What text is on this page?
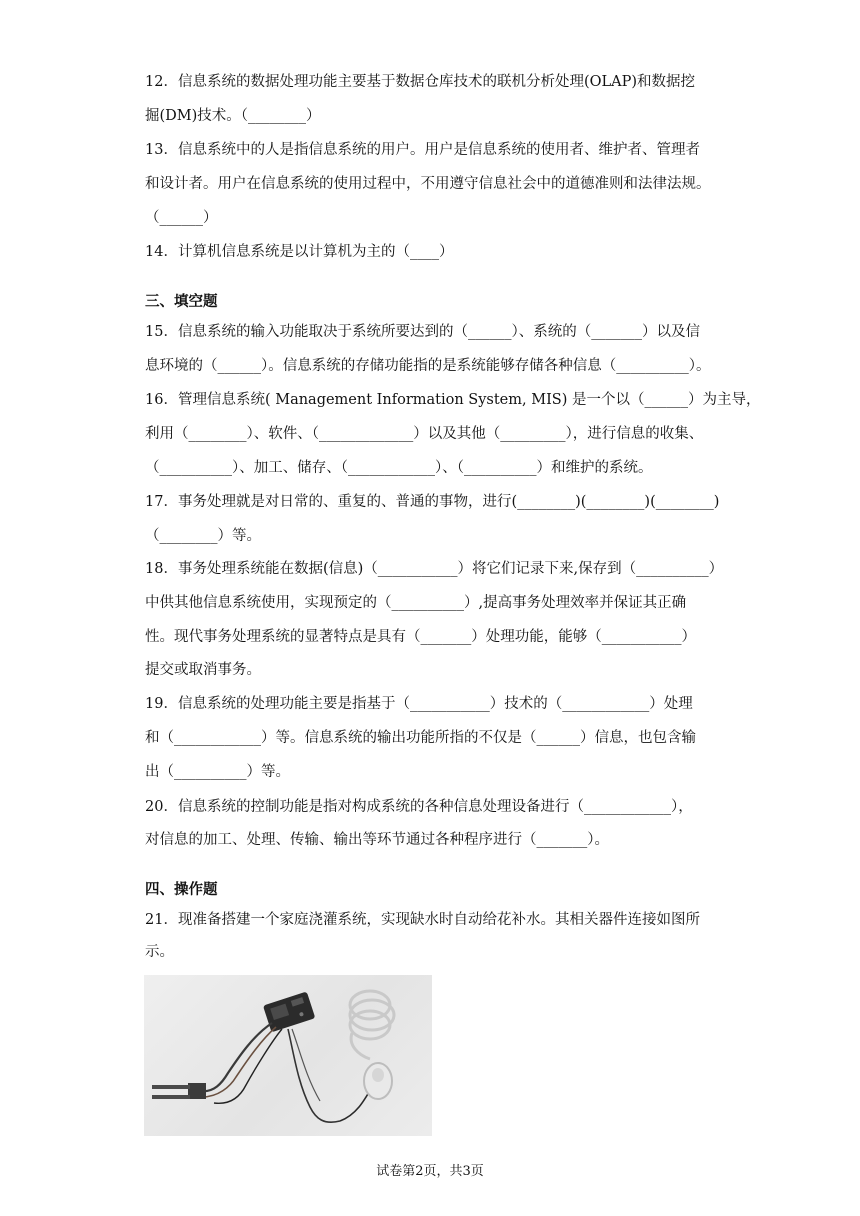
12．信息系统的数据处理功能主要基于数据仓库技术的联机分析处理(OLAP)和数据挖
掘(DM)技术。（________）
13．信息系统中的人是指信息系统的用户。用户是信息系统的使用者、维护者、管理者
和设计者。用户在信息系统的使用过程中，不用遵守信息社会中的道德准则和法律法规。
（______）
14．计算机信息系统是以计算机为主的（____）
三、填空题
15．信息系统的输入功能取决于系统所要达到的（______）、系统的（_______）以及信
息环境的（______）。信息系统的存储功能指的是系统能够存储各种信息（__________）。
16．管理信息系统( Management Information System, MIS) 是一个以（______）为主导，
利用（________）、软件、（_____________）以及其他（_________），进行信息的收集、
（__________）、加工、储存、（____________）、（__________）和维护的系统。
17．事务处理就是对日常的、重复的、普通的事物，进行(________)(________)(________)
（________）等。
18．事务处理系统能在数据(信息)（___________）将它们记录下来,保存到（__________）
中供其他信息系统使用，实现预定的（__________）,提高事务处理效率并保证其正确
性。现代事务处理系统的显著特点是具有（_______）处理功能，能够（___________）
提交或取消事务。
19．信息系统的处理功能主要是指基于（___________）技术的（____________）处理
和（____________）等。信息系统的输出功能所指的不仅是（______）信息，也包含输
出（__________）等。
20．信息系统的控制功能是指对构成系统的各种信息处理设备进行（____________），
对信息的加工、处理、传输、输出等环节通过各种程序进行（_______）。
四、操作题
21．现准备搭建一个家庭浇灌系统，实现缺水时自动给花补水。其相关器件连接如图所
示。
试卷第2页，共3页
